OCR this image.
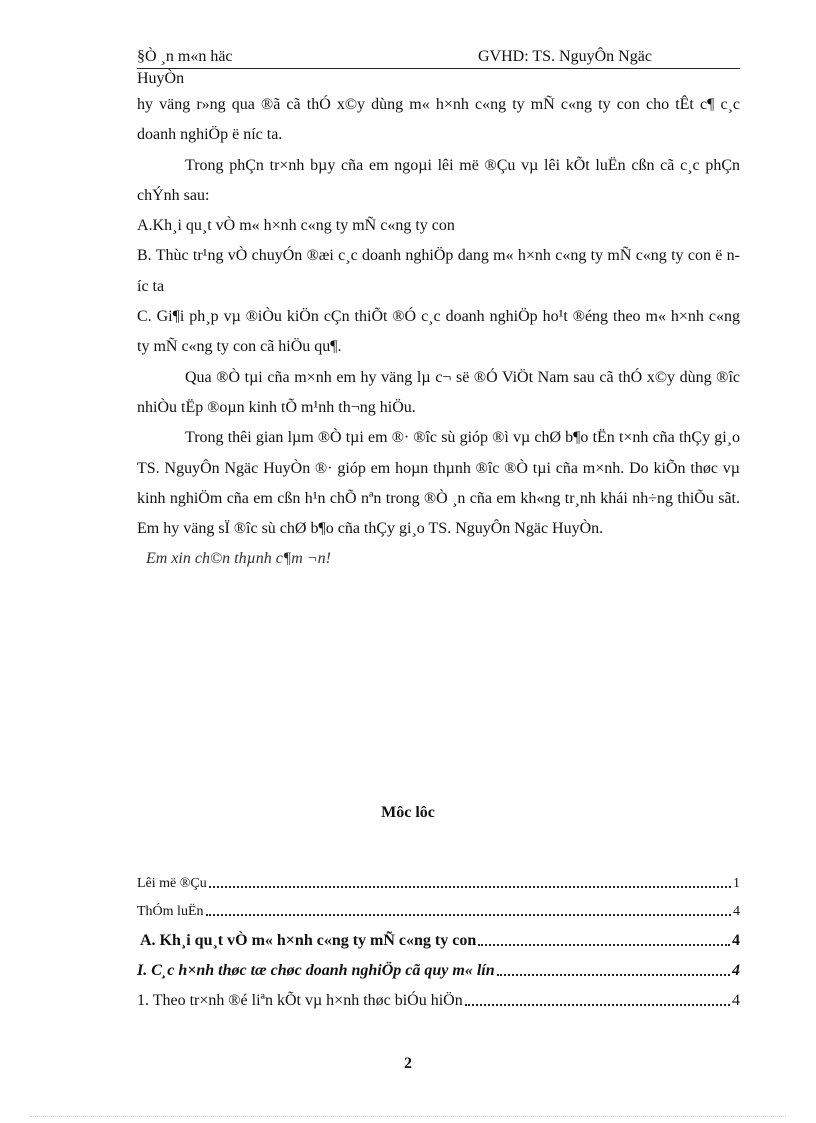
§Ò ¸n m«n häc	GVHD: TS. NguyÔn Ngäc
HuyÒn

hy väng r»ng qua ®ã cã thÓ x©y dùng m« h×nh c«ng ty mÑ c«ng ty con cho tÊt c¶ c¸c doanh nghiÖp ë níc ta.

Trong phÇn tr×nh bµy cña em ngoµi lêi më ®Çu vµ lêi kÕt luËn cßn cã c¸c phÇn chÝnh sau:

A.Kh¸i qu¸t vÒ m« h×nh c«ng ty mÑ c«ng ty con

B. Thùc tr¹ng vÒ chuyÓn ®æi c¸c doanh nghiÖp dang m« h×nh c«ng ty mÑ c«ng ty con ë níc ta

C. Gi¶i ph¸p vµ ®iÒu kiÖn cÇn thiÕt ®Ó c¸c doanh nghiÖp ho¹t ®éng theo m« h×nh c«ng ty mÑ c«ng ty con cã hiÖu qu¶.

Qua ®Ò tµi cña m×nh em hy väng lµ c¬ së ®Ó ViÖt Nam sau cã thÓ x©y dùng ®îc nhiÒu tËp ®oµn kinh tÕ m¹nh th¬ng hiÖu.

Trong thêi gian lµm ®Ò tµi em ®· ®îc sù gióp ®ì vµ chØ b¶o tËn t×nh cña thÇy gi¸o TS. NguyÔn Ngäc HuyÒn ®· gióp em hoµn thµnh ®îc ®Ò tµi cña m×nh. Do kiÕn thøc vµ kinh nghiÖm cña em cßn h¹n chÕ nªn trong ®Ò ¸n cña em kh«ng tr¸nh khái nh÷ng thiÕu sãt. Em hy väng sÏ ®îc sù chØ b¶o cña thÇy gi¸o TS. NguyÔn Ngäc HuyÒn.

Em xin ch©n thµnh c¶m ¬n!

Môc lôc
Lêi më ®Çu	1
ThÓm luËn	4
A. Kh¸i qu¸t vÒ m« h×nh c«ng ty mÑ c«ng ty con	4
I. C¸c h×nh thøc tæ chøc doanh nghiÖp cã quy m« lín	4
1. Theo tr×nh ®é liªn kÕt vµ h×nh thøc biÓu hiÖn	4
2
